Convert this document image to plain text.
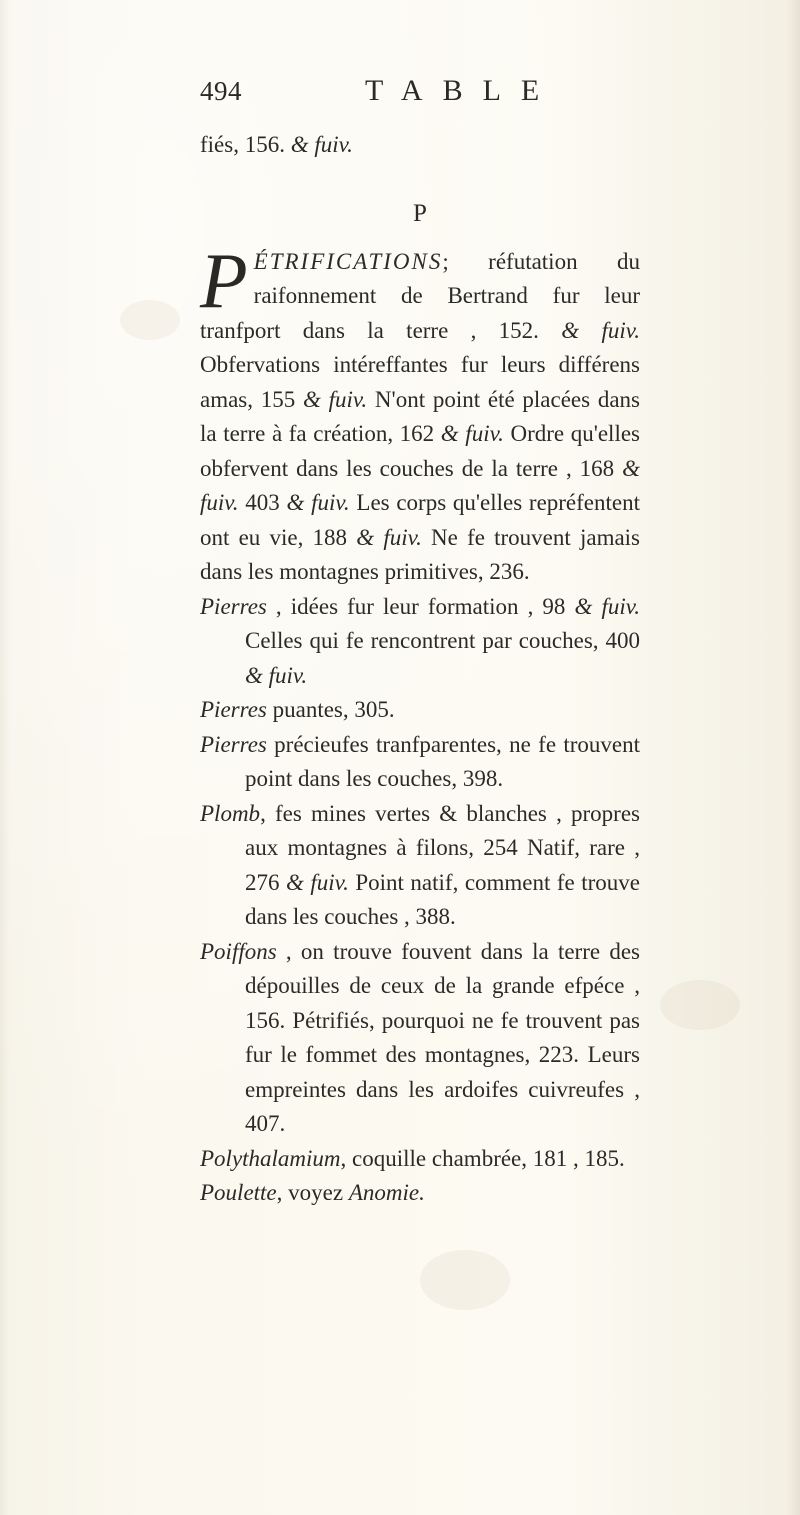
494	TABLE

fiés, 156. & fuiv.

P

P ÉTRIFICATIONS; réfutation du raifonnement de Bertrand fur leur tranfport dans la terre , 152. & fuiv. Obfervations intéreffantes fur leurs différens amas, 155 & fuiv. N'ont point été placées dans la terre à fa création, 162 & fuiv. Ordre qu'elles obfervent dans les couches de la terre , 168 & fuiv. 403 & fuiv. Les corps qu'elles repréfentent ont eu vie, 188 & fuiv. Ne fe trouvent jamais dans les montagnes primitives, 236.

Pierres , idées fur leur formation , 98 & fuiv. Celles qui fe rencontrent par couches, 400 & fuiv.

Pierres puantes, 305.

Pierres précieufes tranfparentes, ne fe trouvent point dans les couches, 398.

Plomb, fes mines vertes & blanches , propres aux montagnes à filons, 254 Natif, rare , 276 & fuiv. Point natif, comment fe trouve dans les couches , 388.

Poiffons , on trouve fouvent dans la terre des dépouilles de ceux de la grande efpéce , 156. Pétrifiés, pourquoi ne fe trouvent pas fur le fommet des montagnes, 223. Leurs empreintes dans les ardoifes cuivreufes , 407.

Polythalamium, coquille chambrée, 181 , 185.

Poulette, voyez Anomie.
